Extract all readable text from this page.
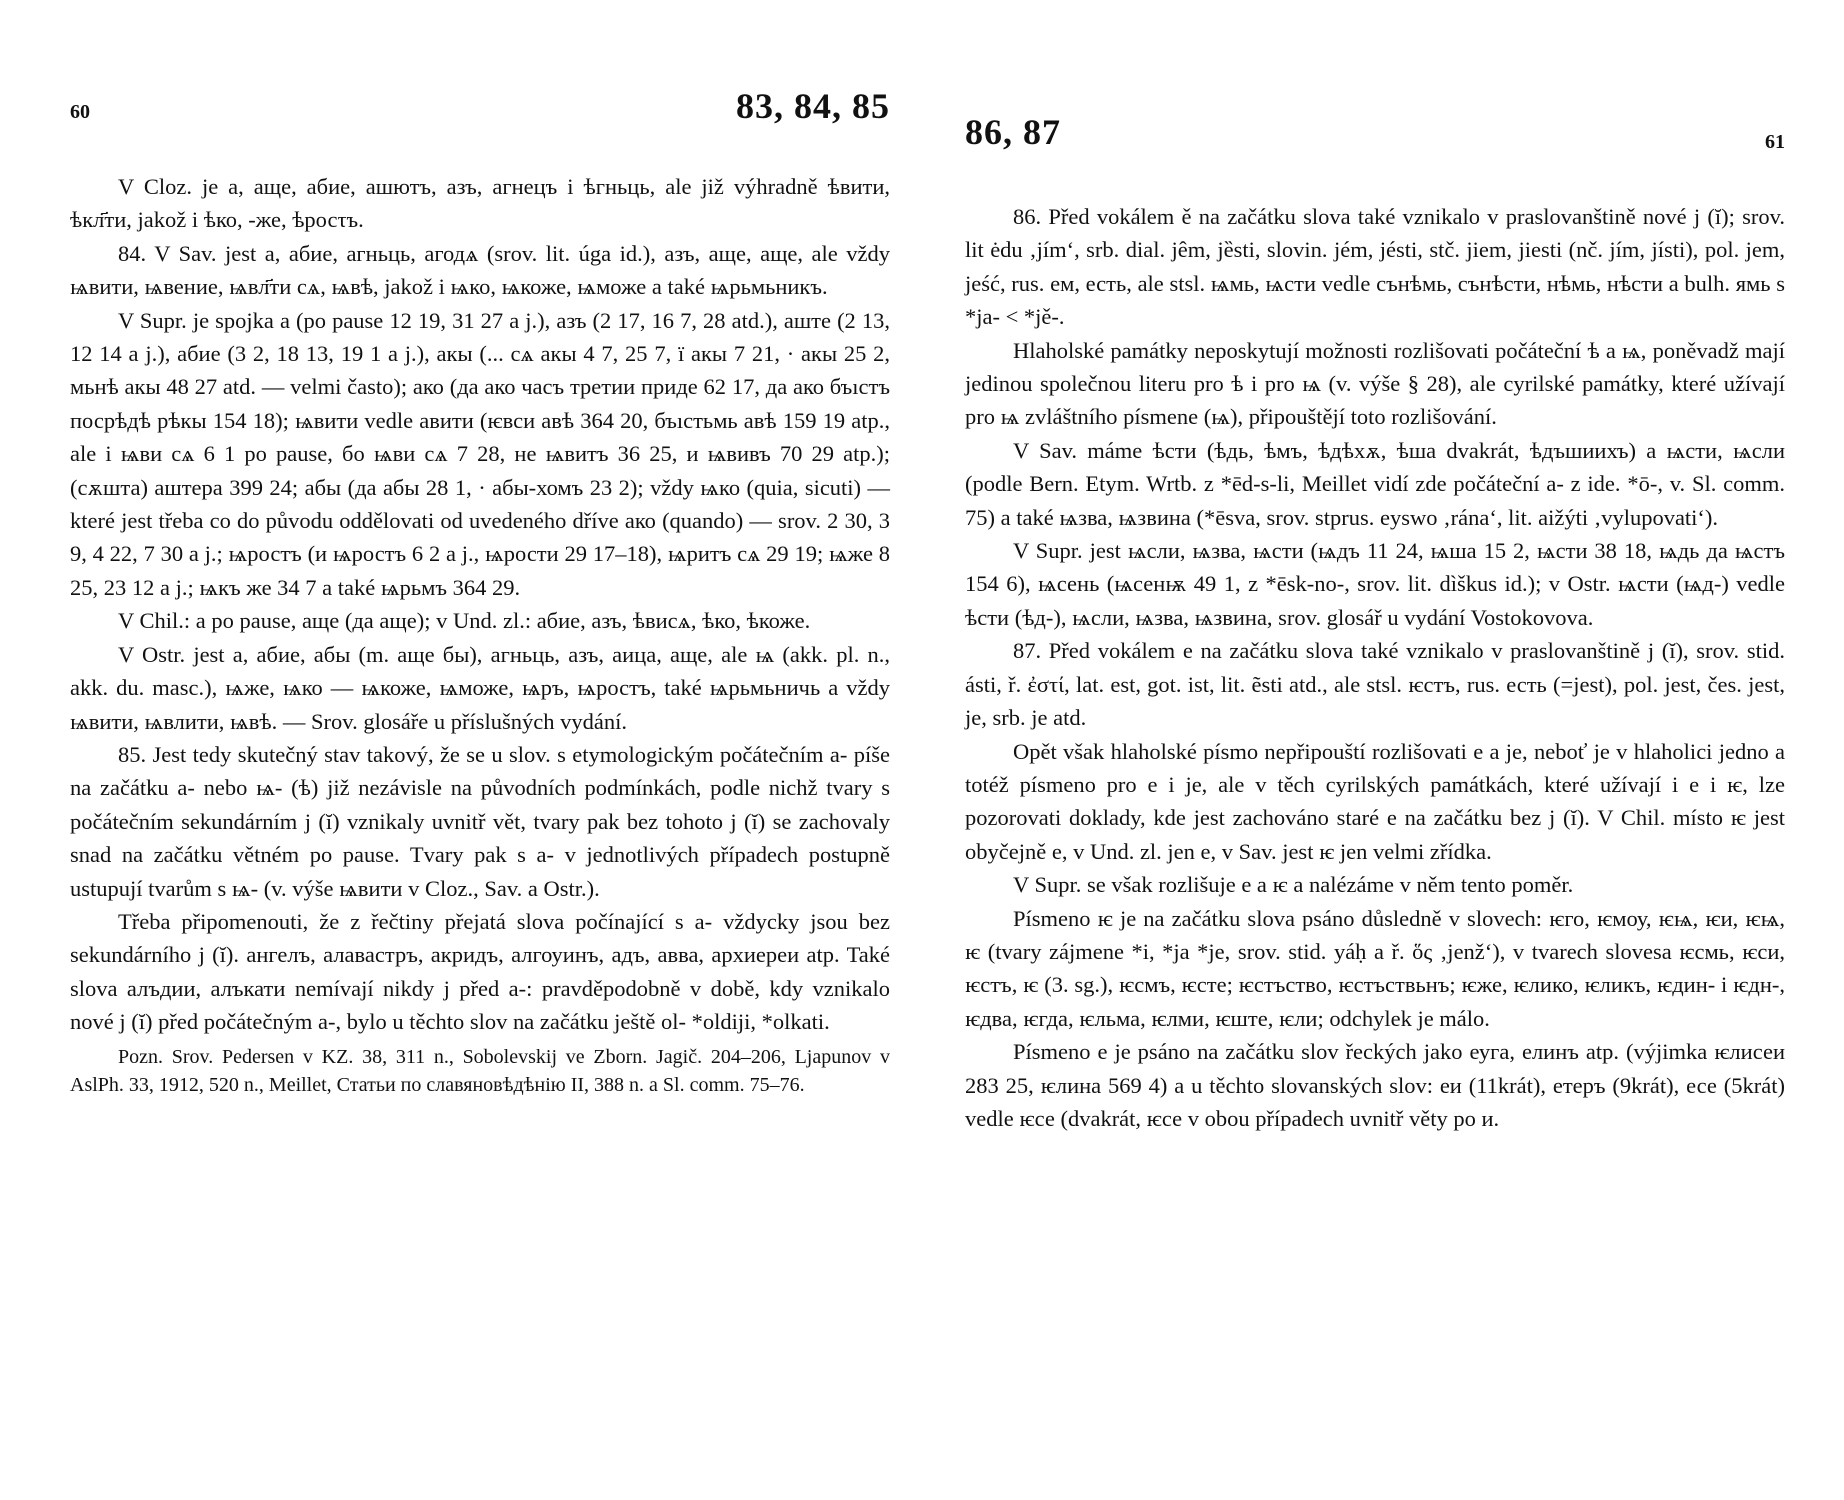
60	83, 84, 85

V Cloz. je а, аще, абие, ашютъ, азъ, агнецъ i ѣгньць, ale již výhradně ѣвити, ѣкл҃ти, jakož i ѣко, -же, ѣросτъ.

84. V Sav. jest а, абие, агньць, агодѧ (srov. lit. úga id.), азъ, аще, аще, ale vždy ѩвити, ѩвение, ѩвл҃ти сѧ, ѩвѣ, jakož i ѩко, ѩкоже, ѩможе a také ѩрьмьникъ.

V Supr. je spojka а (po pause 12 19, 31 27 a j.), азъ (2 17, 16 7, 28 atd.), аште (2 13, 12 14 a j.), абие (3 2, 18 13, 19 1 a j.), акы (... сѧ акы 4 7, 25 7, ї акы 7 21, · акы 25 2, мьнѣ акы 48 27 atd. — velmi často); ако (да ако часъ третии приде 62 17, да ако бъıстъ посрѣдѣ рѣкы 154 18); ѩвити vedle авити (ѥвси авѣ 364 20, бъıстьмь авѣ 159 19 atp., ale i ѩви сѧ 6 1 po pause, бо ѩви сѧ 7 28, не ѩвитъ 36 25, и ѩвивъ 70 29 atp.); (сѫшта) аштера 399 24; абы (да абы 28 1, · абы-хомъ 23 2); vždy ѩко (quia, sicuti) — které jest třeba co do původu oddělovati od uvedeného dříve ако (quando) — srov. 2 30, 3 9, 4 22, 7 30 a j.; ѩростъ (и ѩростъ 6 2 a j., ѩрости 29 17–18), ѩритъ сѧ 29 19; ѩже 8 25, 23 12 a j.; ѩкъ же 34 7 a také ѩрьмъ 364 29.

V Chil.: а po pause, аще (да аще); v Und. zl.: абие, азъ, ѣвисѧ, ѣко, ѣкоже.

V Ostr. jest а, абие, абы (m. аще бы), агньць, азъ, аица, аще, ale ѩ (akk. pl. n., akk. du. masc.), ѩже, ѩко — ѩкоже, ѩможе, ѩръ, ѩростъ, také ѩрьмьничь a vždy ѩвити, ѩвлити, ѩвѣ. — Srov. glosáře u příslušných vydání.

85. Jest tedy skutečný stav takový, že se u slov. s etymologickým počátečním a- píše na začátku а- nebo ѩ- (ѣ) již nezávisle na původních podmínkách, podle nichž tvary s počátečním sekundárním j (ĭ) vznikaly uvnitř vět, tvary pak bez tohoto j (ĭ) se zachovaly snad na začátku větném po pause. Tvary pak s а- v jednotlivých případech postupně ustupují tvarům s ѩ- (v. výše ѩвити v Cloz., Sav. a Ostr.).

Třeba připomenouti, že z řečtiny přejatá slova počínající s a- vždycky jsou bez sekundárního j (ĭ). ангелъ, алавастръ, акридъ, алгоуинъ, адъ, авва, архиереи atp. Také slova алъдии, алъкати nemívají nikdy j před a-: pravděpodobně v době, kdy vznikalo nové j (ĭ) před počátečným a-, bylo u těchto slov na začátku ještě ol- *oldiji, *olkati.

Pozn. Srov. Pedersen v KZ. 38, 311 n., Sobolevskij ve Zborn. Jagič. 204–206, Ljapunov v AslPh. 33, 1912, 520 n., Meillet, Статьи по славяновѣдѣнію II, 388 n. a Sl. comm. 75–76.

86, 87	61

86. Před vokálem ě na začátku slova také vznikalo v praslovanštině nové j (ĭ); srov. lit ėdu ‚jím‘, srb. dial. jêm, jȅsti, slovin. jém, jésti, stč. jiem, jiesti (nč. jím, jísti), pol. jem, jeść, rus. ем, есть, ale stsl. ѩмь, ѩсти vedle сънѣмь, сънѣсти, нѣмь, нѣсти a bulh. ямь s *ja- < *jě-.

Hlaholské památky neposkytují možnosti rozlišovati počáteční ѣ a ѩ, poněvadž mají jedinou společnou literu pro ѣ i pro ѩ (v. výše § 28), ale cyrilské památky, které užívají pro ѩ zvláštního písmene (ѩ), připouštějí toto rozlišování.

V Sav. máme ѣсти (ѣдь, ѣмъ, ѣдѣхѫ, ѣша dvakrát, ѣдъшиихъ) a ѩсти, ѩсли (podle Bern. Etym. Wrtb. z *ēd-s-li, Meillet vidí zde počáteční a- z ide. *ō-, v. Sl. comm. 75) a také ѩзва, ѩзвина (*ēsva, srov. stprus. eyswo ‚rána‘, lit. aižýti ‚vylupovati‘).

V Supr. jest ѩсли, ѩзва, ѩсти (ѩдъ 11 24, ѩша 15 2, ѩсти 38 18, ѩдь да ѩстъ 154 6), ѩсень (ѩсенѭ 49 1, z *ēsk-no-, srov. lit. dìškus id.); v Ostr. ѩсти (ѩд-) vedle ѣсти (ѣд-), ѩсли, ѩзва, ѩзвина, srov. glosář u vydání Vostokovova.

87. Před vokálem e na začátku slova také vznikalo v praslovanštině j (ĭ), srov. stid. ásti, ř. ἐστί, lat. est, got. ist, lit. ẽsti atd., ale stsl. ѥстъ, rus. есть (=jest), pol. jest, čes. jest, je, srb. je atd.

Opět však hlaholské písmo nepřipouští rozlišovati e a je, neboť je v hlaholici jedno a totéž písmeno pro e i je, ale v těch cyrilských památkách, které užívají i е i ѥ, lze pozorovati doklady, kde jest zachováno staré e na začátku bez j (ĭ). V Chil. místo ѥ jest obyčejně е, v Und. zl. jen е, v Sav. jest ѥ jen velmi zřídka.

V Supr. se však rozlišuje е a ѥ a nalézáme v něm tento poměr.

Písmeno ѥ je na začátku slova psáno důsledně v slovech: ѥго, ѥмоу, ѥѩ, ѥи, ѥѩ, ѥ (tvary zájmene *i, *ja *je, srov. stid. yáḥ a ř. ὅς ‚jenž‘), v tvarech slovesa ѥсмь, ѥси, ѥстъ, ѥ (3. sg.), ѥсмъ, ѥсте; ѥстъство, ѥстъствьнъ; ѥже, ѥлико, ѥликъ, ѥдин- i ѥдн-, ѥдва, ѥгда, ѥльма, ѥлми, ѥште, ѥли; odchylek je málo.

Písmeno е je psáno na začátku slov řeckých jako еуга, елинъ atp. (výjimka ѥлисеи 283 25, ѥлина 569 4) a u těchto slovanských slov: еи (11krát), етеръ (9krát), есе (5krát) vedle ѥсе (dvakrát, ѥсе v obou případech uvnitř věty po и.
